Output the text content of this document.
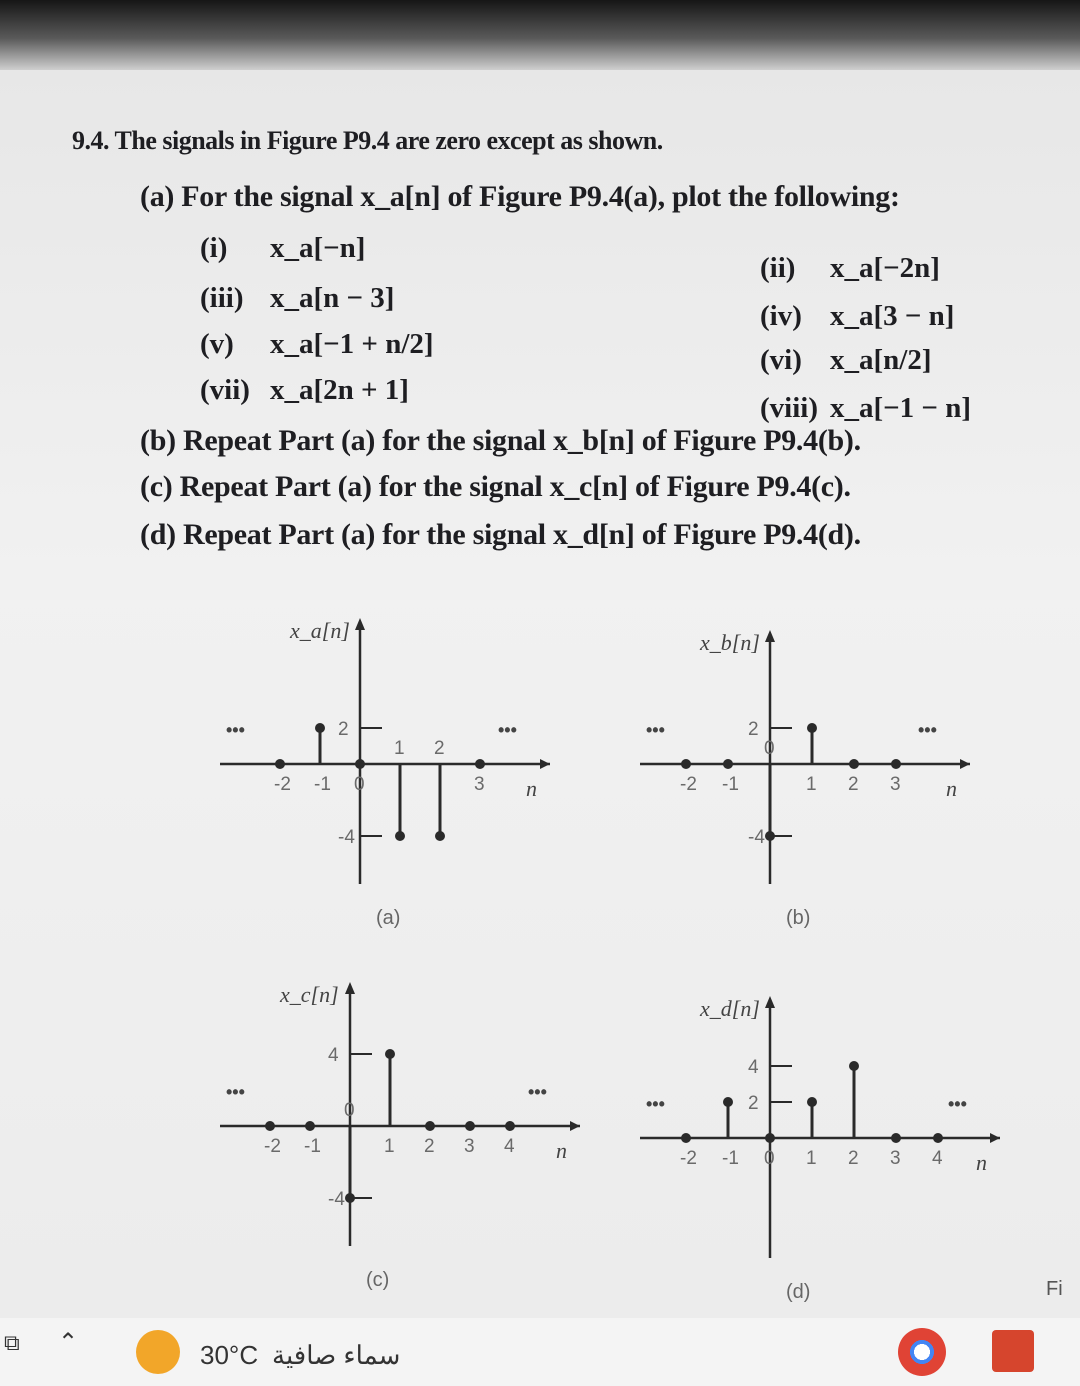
9.4. The signals in Figure P9.4 are zero except as shown.
(a) For the signal x_a[n] of Figure P9.4(a), plot the following:
(i) x_a[−n]
(ii) x_a[−2n]
(iii) x_a[n − 3]
(iv) x_a[3 − n]
(v) x_a[−1 + n/2]	(vi) x_a[n/2]
(vii) x_a[2n + 1]
(viii) x_a[−1 − n]
(b) Repeat Part (a) for the signal x_b[n] of Figure P9.4(b).
(c) Repeat Part (a) for the signal x_c[n] of Figure P9.4(c).
(d) Repeat Part (a) for the signal x_d[n] of Figure P9.4(d).
x_a[n]
n
2
-4
-2 -1 0
1 2
3
•••	•••
(a)
x_b[n]
n
2
-4
-2 -1
0
1 2 3
•••	•••
(b)
x_c[n]
n
4
-4
-2 -1
0
1 2 3 4
•••	•••
(c)
x_d[n]
n
4
2
-2 -1 0 1 2 3 4
•••	•••
(d)
⧉ ⌃	30°C سماء صافية
Fi
